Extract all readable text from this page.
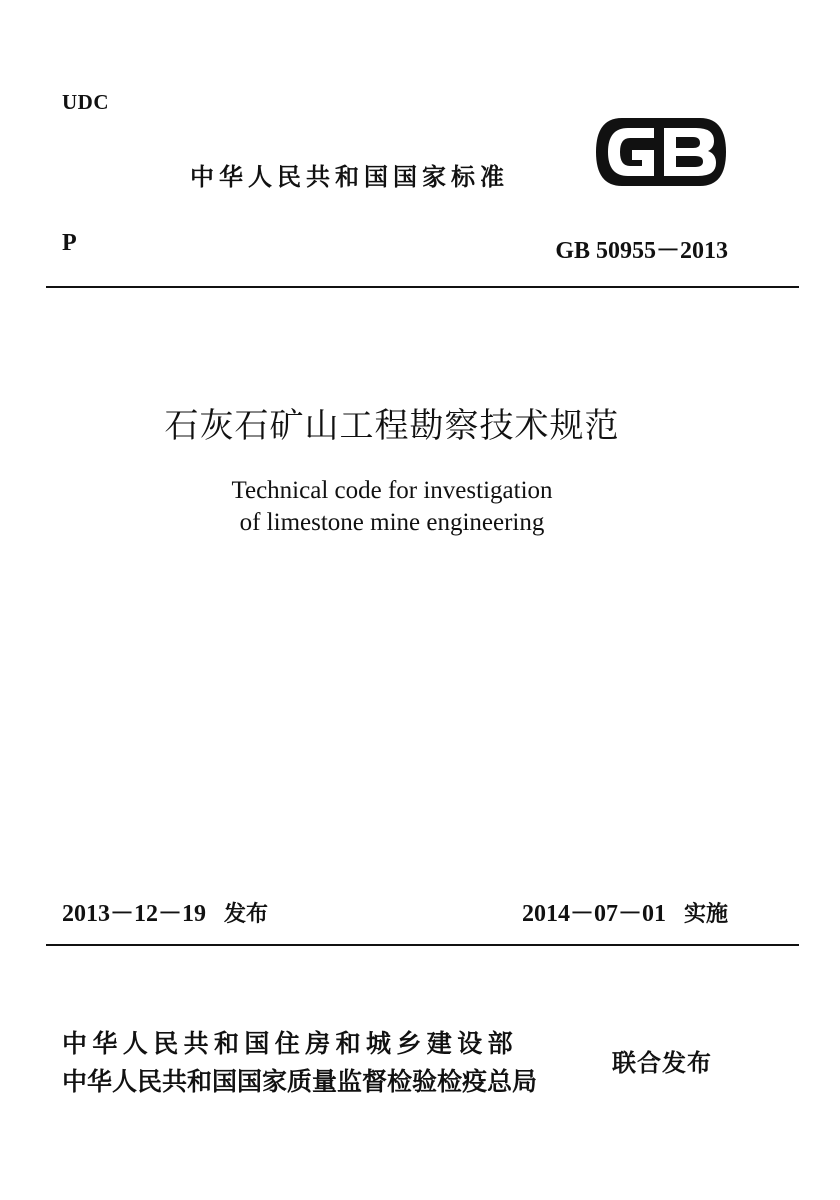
UDC
中华人民共和国国家标准
P	GB 50955－2013
石灰石矿山工程勘察技术规范
Technical code for investigation
of limestone mine engineering
2013－12－19 发布	2014－07－01 实施
中华人民共和国住房和城乡建设部
中华人民共和国国家质量监督检验检疫总局
联合发布
